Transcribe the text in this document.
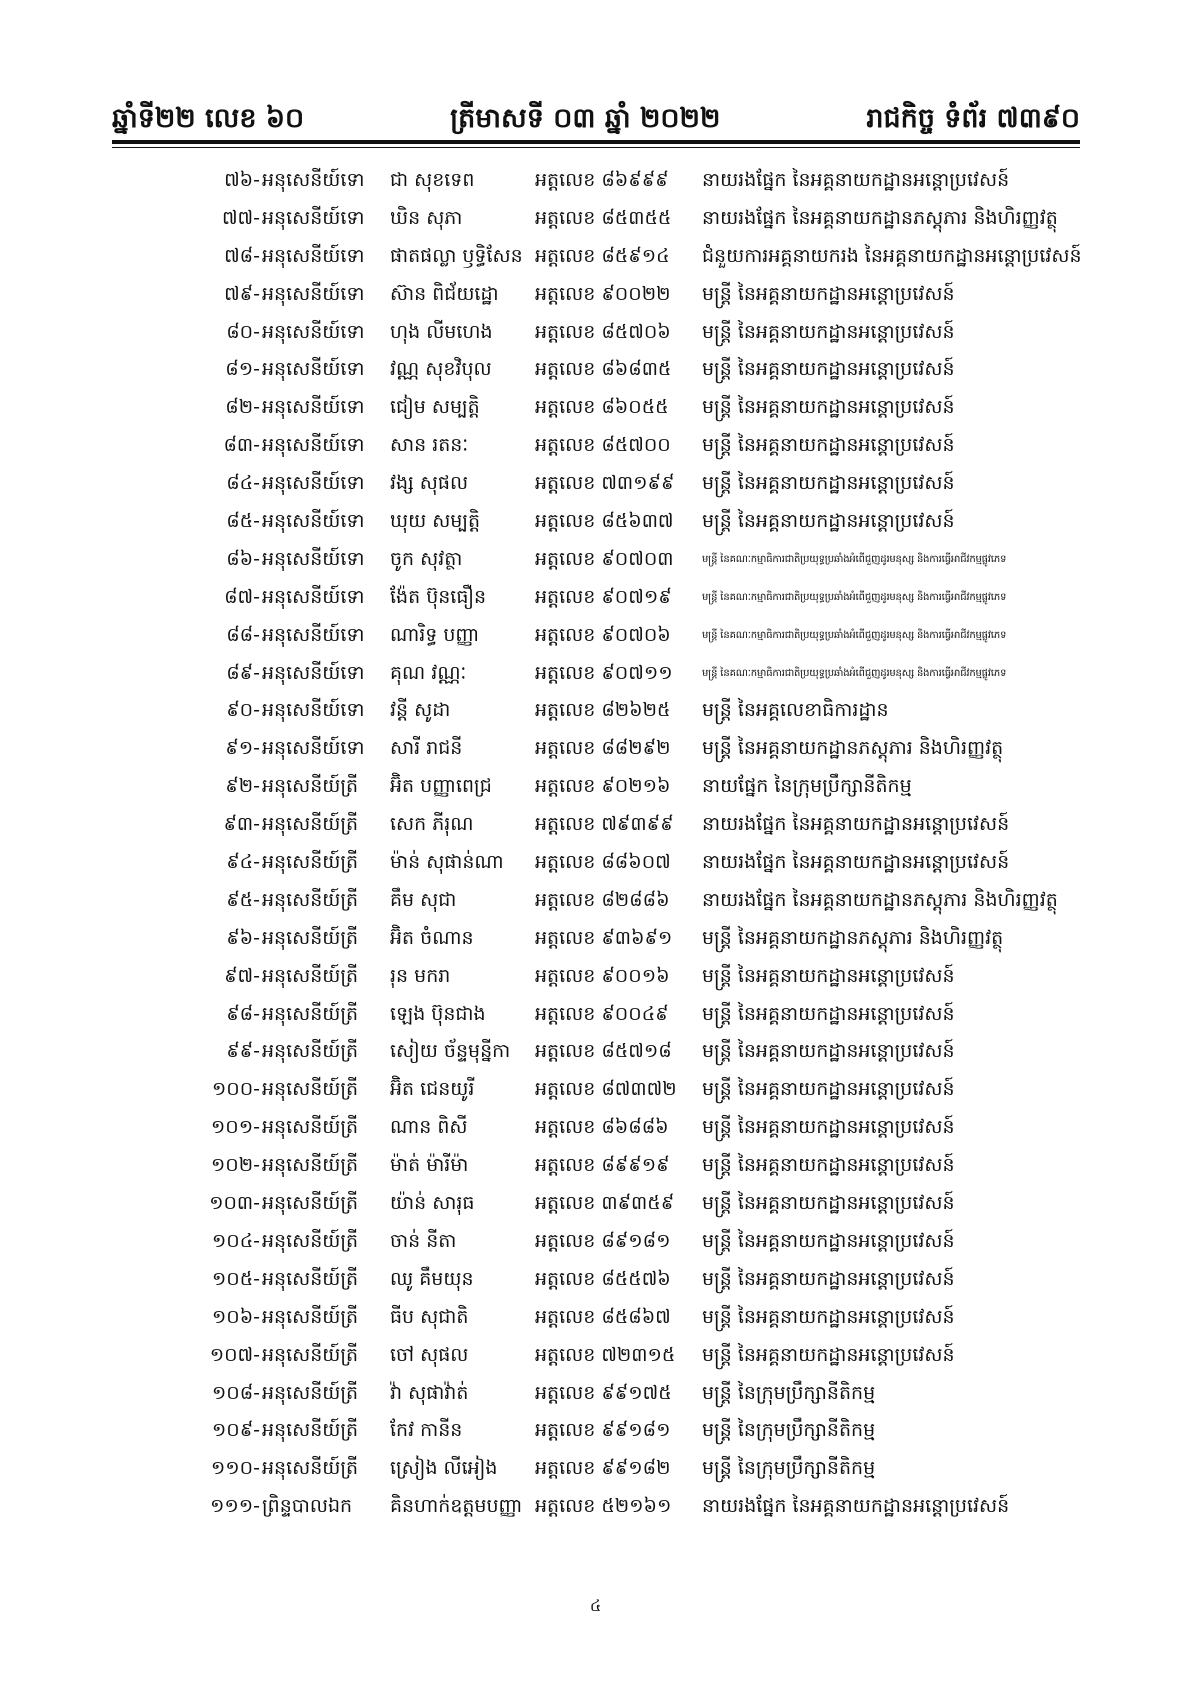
ឆ្នាំទី២២ លេខ ៦០	ត្រីមាសទី ០៣ ឆ្នាំ ២០២២	រាជកិច្ច ទំព័រ ៧៣៩០
៧៦- អនុសេនីយ៍ទោ ជា សុខទេព	អត្តលេខ ៨៦៩៩៩ នាយរងផ្នែក នៃអគ្គនាយកដ្ឋានអន្តោប្រវេសន៍
៧៧- អនុសេនីយ៍ទោ ឃិន សុភា	អត្តលេខ ៨៥៣៥៥ នាយរងផ្នែក នៃអគ្គនាយកដ្ឋានភស្តុភារ និងហិរញ្ញវត្ថុ
៧៨- អនុសេនីយ៍ទោ ផាតផល្លា ឫទ្ធិសែន អត្តលេខ ៨៥៩១៤ ជំនួយការអគ្គនាយករង នៃអគ្គនាយកដ្ឋានអន្តោប្រវេសន៍
៧៩- អនុសេនីយ៍ទោ ស៊ាន ពិជ័យដ្ឋោ អត្តលេខ ៩០០២២ មន្ត្រី នៃអគ្គនាយកដ្ឋានអន្តោប្រវេសន៍
៨០- អនុសេនីយ៍ទោ ហុង លីមហេង អត្តលេខ ៨៥៧០៦ មន្ត្រី នៃអគ្គនាយកដ្ឋានអន្តោប្រវេសន៍
៨១- អនុសេនីយ៍ទោ វណ្ណ សុខវិបុល អត្តលេខ ៨៦៨៣៥ មន្ត្រី នៃអគ្គនាយកដ្ឋានអន្តោប្រវេសន៍
៨២- អនុសេនីយ៍ទោ ជៀម សម្បត្តិ	អត្តលេខ ៨៦០៥៥ មន្ត្រី នៃអគ្គនាយកដ្ឋានអន្តោប្រវេសន៍
៨៣- អនុសេនីយ៍ទោ សាន រតនៈ	អត្តលេខ ៨៥៧០០ មន្ត្រី នៃអគ្គនាយកដ្ឋានអន្តោប្រវេសន៍
៨៤- អនុសេនីយ៍ទោ វង្ស សុផល	អត្តលេខ ៧៣១៩៩ មន្ត្រី នៃអគ្គនាយកដ្ឋានអន្តោប្រវេសន៍
៨៥- អនុសេនីយ៍ទោ ឃុយ សម្បត្តិ	អត្តលេខ ៨៥៦៣៧ មន្ត្រី នៃអគ្គនាយកដ្ឋានអន្តោប្រវេសន៍
៨៦- អនុសេនីយ៍ទោ ចូក សុវត្ថា	អត្តលេខ ៩០៧០៣	មន្ត្រី នៃគណៈកម្មាធិការជាតិប្រយុទ្ធប្រឆាំងអំពើជួញដូរមនុស្ស និងការធ្វើអាជីវកម្មផ្លូវភេទ
៨៧- អនុសេនីយ៍ទោ ង៉ែត ប៊ុនធឿន	អត្តលេខ ៩០៧១៩	មន្ត្រី នៃគណៈកម្មាធិការជាតិប្រយុទ្ធប្រឆាំងអំពើជួញដូរមនុស្ស និងការធ្វើអាជីវកម្មផ្លូវភេទ
៨៨- អនុសេនីយ៍ទោ ណារិទ្ធ បញ្ញា	អត្តលេខ ៩០៧០៦	មន្ត្រី នៃគណៈកម្មាធិការជាតិប្រយុទ្ធប្រឆាំងអំពើជួញដូរមនុស្ស និងការធ្វើអាជីវកម្មផ្លូវភេទ
៨៩- អនុសេនីយ៍ទោ គុណ វណ្ណៈ	អត្តលេខ ៩០៧១១	មន្ត្រី នៃគណៈកម្មាធិការជាតិប្រយុទ្ធប្រឆាំងអំពើជួញដូរមនុស្ស និងការធ្វើអាជីវកម្មផ្លូវភេទ
៩០- អនុសេនីយ៍ទោ វន្តី សូដា	អត្តលេខ ៨២៦២៥ មន្ត្រី នៃអគ្គលេខាធិការដ្ឋាន
៩១- អនុសេនីយ៍ទោ សារី រាជនី	អត្តលេខ ៨៨២៩២ មន្ត្រី នៃអគ្គនាយកដ្ឋានភស្តុភារ និងហិរញ្ញវត្ថុ
៩២- អនុសេនីយ៍ត្រី អ៊ិត បញ្ញាពេជ្រ អត្តលេខ ៩០២១៦ នាយផ្នែក នៃក្រុមប្រឹក្សានីតិកម្ម
៩៣- អនុសេនីយ៍ត្រី សេក ភីរុណ	អត្តលេខ ៧៩៣៩៩ នាយរងផ្នែក នៃអគ្គនាយកដ្ឋានអន្តោប្រវេសន៍
៩៤- អនុសេនីយ៍ត្រី ម៉ាន់ សុផាន់ណា អត្តលេខ ៨៨៦០៧ នាយរងផ្នែក នៃអគ្គនាយកដ្ឋានអន្តោប្រវេសន៍
៩៥- អនុសេនីយ៍ត្រី គឹម សុជា	អត្តលេខ ៨២៨៨៦ នាយរងផ្នែក នៃអគ្គនាយកដ្ឋានភស្តុភារ និងហិរញ្ញវត្ថុ
៩៦- អនុសេនីយ៍ត្រី អ៊ិត ចំណាន	អត្តលេខ ៩៣៦៩១ មន្ត្រី នៃអគ្គនាយកដ្ឋានភស្តុភារ និងហិរញ្ញវត្ថុ
៩៧- អនុសេនីយ៍ត្រី រុន មករា	អត្តលេខ ៩០០១៦ មន្ត្រី នៃអគ្គនាយកដ្ឋានអន្តោប្រវេសន៍
៩៨- អនុសេនីយ៍ត្រី ឡេង ប៊ុនជាង	អត្តលេខ ៩០០៤៩ មន្ត្រី នៃអគ្គនាយកដ្ឋានអន្តោប្រវេសន៍
៩៩- អនុសេនីយ៍ត្រី សៀយ ច័ន្ទមុន្នីកា អត្តលេខ ៨៥៧១៨ មន្ត្រី នៃអគ្គនាយកដ្ឋានអន្តោប្រវេសន៍
១០០- អនុសេនីយ៍ត្រី អ៊ិត ជេនយូរី	អត្តលេខ ៨៧៣៧២ មន្ត្រី នៃអគ្គនាយកដ្ឋានអន្តោប្រវេសន៍
១០១- អនុសេនីយ៍ត្រី ណាន ពិសី	អត្តលេខ ៨៦៨៨៦ មន្ត្រី នៃអគ្គនាយកដ្ឋានអន្តោប្រវេសន៍
១០២- អនុសេនីយ៍ត្រី ម៉ាត់ ម៉ារីម៉ា	អត្តលេខ ៨៩៩១៩ មន្ត្រី នៃអគ្គនាយកដ្ឋានអន្តោប្រវេសន៍
១០៣- អនុសេនីយ៍ត្រី យ៉ាន់ សារុធ	អត្តលេខ ៣៩៣៥៩ មន្ត្រី នៃអគ្គនាយកដ្ឋានអន្តោប្រវេសន៍
១០៤- អនុសេនីយ៍ត្រី ចាន់ នីតា	អត្តលេខ ៨៩១៨១ មន្ត្រី នៃអគ្គនាយកដ្ឋានអន្តោប្រវេសន៍
១០៥- អនុសេនីយ៍ត្រី ឈូ គឹមយុន	អត្តលេខ ៨៥៥៧៦ មន្ត្រី នៃអគ្គនាយកដ្ឋានអន្តោប្រវេសន៍
១០៦- អនុសេនីយ៍ត្រី ធីប សុជាតិ	អត្តលេខ ៨៥៨៦៧ មន្ត្រី នៃអគ្គនាយកដ្ឋានអន្តោប្រវេសន៍
១០៧- អនុសេនីយ៍ត្រី ចៅ សុផល	អត្តលេខ ៧២៣១៥ មន្ត្រី នៃអគ្គនាយកដ្ឋានអន្តោប្រវេសន៍
១០៨- អនុសេនីយ៍ត្រី វ៉ា សុផាវ៉ាត់	អត្តលេខ ៩៩១៧៥ មន្ត្រី នៃក្រុមប្រឹក្សានីតិកម្ម
១០៩- អនុសេនីយ៍ត្រី កែវ កានីន	អត្តលេខ ៩៩១៨១ មន្ត្រី នៃក្រុមប្រឹក្សានីតិកម្ម
១១០- អនុសេនីយ៍ត្រី ស្រៀង លីអៀង អត្តលេខ ៩៩១៨២ មន្ត្រី នៃក្រុមប្រឹក្សានីតិកម្ម
១១១- ព្រិន្ទបាលឯក គិនហាក់ឧត្តមបញ្ញា អត្តលេខ ៥២១៦១ នាយរងផ្នែក នៃអគ្គនាយកដ្ឋានអន្តោប្រវេសន៍
៤
